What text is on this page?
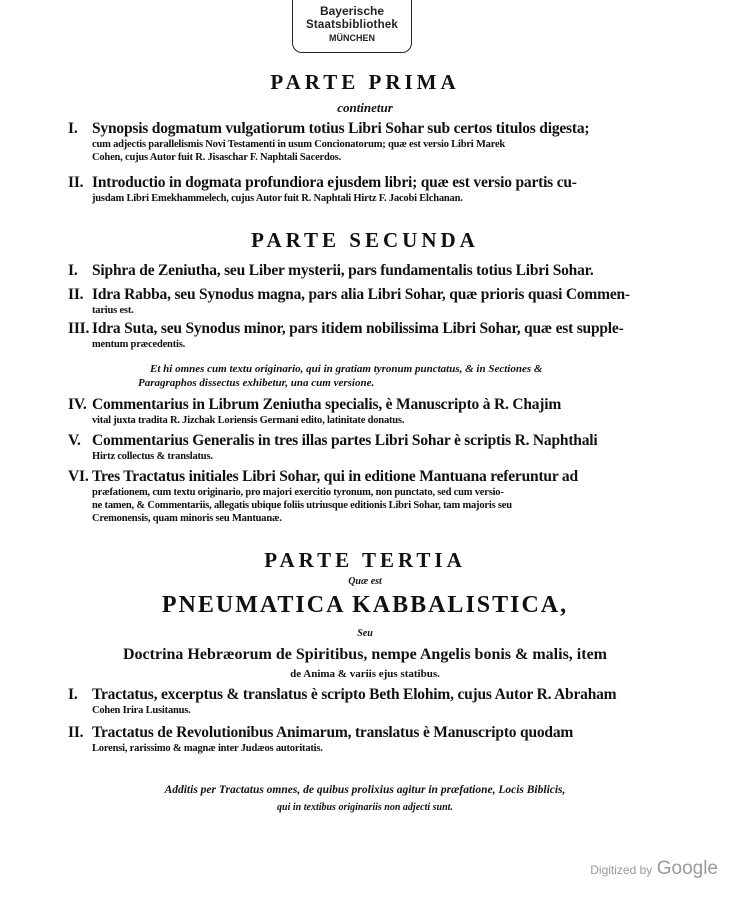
Bayerische
Staatsbibliothek
MÜNCHEN
PARTE PRIMA
continetur
I. Synopsis dogmatum vulgatiorum totius Libri Sohar sub certos titulos digesta;
cum adjectis parallelismis Novi Testamenti in usum Concionatorum; quæ est versio Libri Marek
Cohen, cujus Autor fuit R. Jisaschar F. Naphtali Sacerdos.
II. Introductio in dogmata profundiora ejusdem libri; quæ est versio partis cu-
jusdam Libri Emekhammelech, cujus Autor fuit R. Naphtali Hirtz F. Jacobi Elchanan.
PARTE SECUNDA
I. Siphra de Zeniutha, seu Liber mysterii, pars fundamentalis totius Libri Sohar.
II. Idra Rabba, seu Synodus magna, pars alia Libri Sohar, quæ prioris quasi Commen-
tarius est.
III. Idra Suta, seu Synodus minor, pars itidem nobilissima Libri Sohar, quæ est supple-
mentum præcedentis.
Et hi omnes cum textu originario, qui in gratiam tyronum punctatus, & in Sectiones &
Paragraphos dissectus exhibetur, una cum versione.
IV. Commentarius in Librum Zeniutha specialis, è Manuscripto à R. Chajim
vital juxta tradita R. Jizchak Loriensis Germani edito, latinitate donatus.
V. Commentarius Generalis in tres illas partes Libri Sohar è scriptis R. Naphthali
Hirtz collectus & translatus.
VI. Tres Tractatus initiales Libri Sohar, qui in editione Mantuana referuntur ad
præfationem, cum textu originario, pro majori exercitio tyronum, non punctato, sed cum versio-
ne tamen, & Commentariis, allegatis ubique foliis utriusque editionis Libri Sohar, tam majoris seu
Cremonensis, quam minoris seu Mantuanæ.
PARTE TERTIA
Quæ est
PNEUMATICA KABBALISTICA,
Seu
Doctrina Hebræorum de Spiritibus, nempe Angelis bonis & malis, item
de Anima & variis ejus statibus.
I. Tractatus, excerptus & translatus è scripto Beth Elohim, cujus Autor R. Abraham
Cohen Irira Lusitanus.
II. Tractatus de Revolutionibus Animarum, translatus è Manuscripto quodam
Lorensi, rarissimo & magnæ inter Judæos autoritatis.
Additis per Tractatus omnes, de quibus prolixius agitur in præfatione, Locis Biblicis,
qui in textibus originariis non adjecti sunt.
Digitized by Google
